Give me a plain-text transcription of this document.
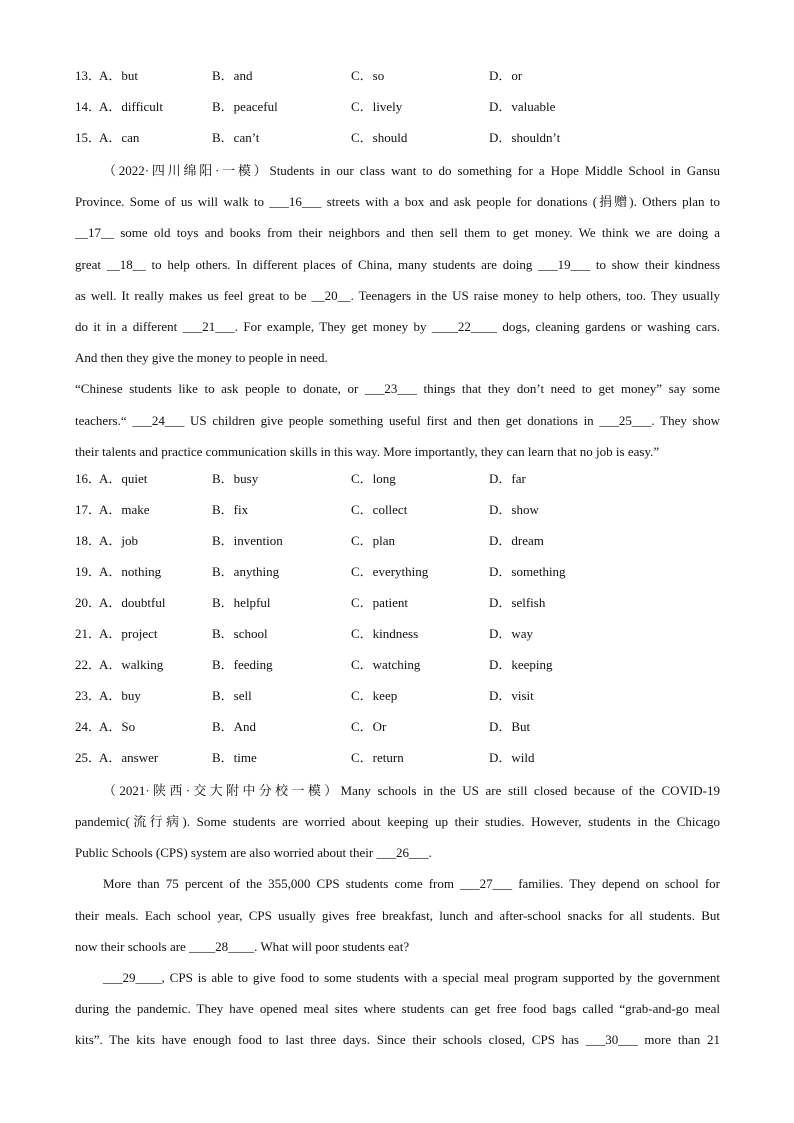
13．
A．but	B．and	C．so	D．or
14．
A．difficult	B．peaceful	C．lively	D．valuable
15．
A．can	B．can’t	C．should	D．shouldn’t
（2022·四川绵阳·一模）Students in our class want to do something for a Hope Middle School in Gansu
Province. Some of us will walk to ___16___ streets with a box and ask people for donations (捐赠). Others plan to
__17__ some old toys and books from their neighbors and then sell them to get money. We think we are doing a
great __18__ to help others. In different places of China, many students are doing ___19___ to show their kindness
as well. It really makes us feel great to be __20__. Teenagers in the US raise money to help others, too. They usually
do it in a different ___21___. For example, They get money by ____22____ dogs, cleaning gardens or washing cars.
And then they give the money to people in need.
“Chinese students like to ask people to donate, or ___23___ things that they don’t need to get money” say some
teachers.“ ___24___ US children give people something useful first and then get donations in ___25___. They show
their talents and practice communication skills in this way. More importantly, they can learn that no job is easy.”
16．
A．quiet	B．busy	C．long	D．far
17．
A．make	B．fix	C．collect	D．show
18．
A．job	B．invention	C．plan	D．dream
19．
A．nothing	B．anything	C．everything	D．something
20．
A．doubtful	B．helpful	C．patient	D．selfish
21．
A．project	B．school	C．kindness	D．way
22．
A．walking	B．feeding	C．watching	D．keeping
23．
A．buy	B．sell	C．keep	D．visit
24．
A．So	B．And	C．Or	D．But
25．
A．answer	B．time	C．return	D．wild
（2021·陕西·交大附中分校一模）Many schools in the US are still closed because of the COVID-19
pandemic(流行病). Some students are worried about keeping up their studies. However, students in the Chicago
Public Schools (CPS) system are also worried about their ___26___.
More than 75 percent of the 355,000 CPS students come from ___27___ families. They depend on school for
their meals. Each school year, CPS usually gives free breakfast, lunch and after-school snacks for all students. But
now their schools are ____28____. What will poor students eat?
___29____, CPS is able to give food to some students with a special meal program supported by the government
during the pandemic. They have opened meal sites where students can get free food bags called “grab-and-go meal
kits”. The kits have enough food to last three days. Since their schools closed, CPS has ___30___ more than 21
